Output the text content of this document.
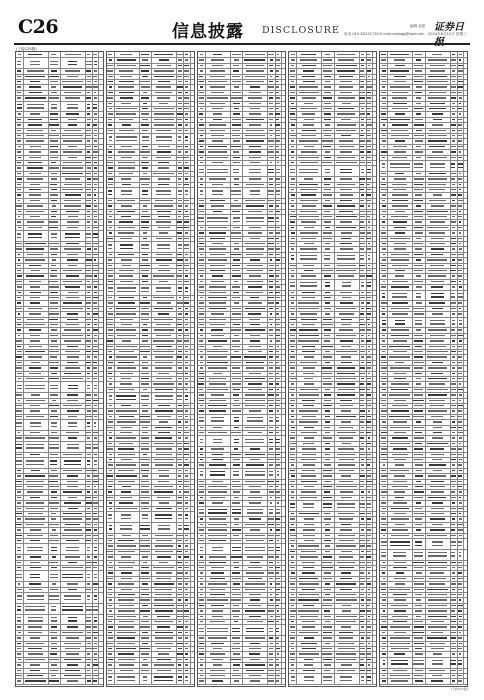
C26	信息披露 DISCLOSURE 电话 010-83251730 E-mail:zqsbgg@zqrb.net
编辑 赵凯 证券日
2024年6月12日 星期三
(上接C25版)
(下转C27版)
